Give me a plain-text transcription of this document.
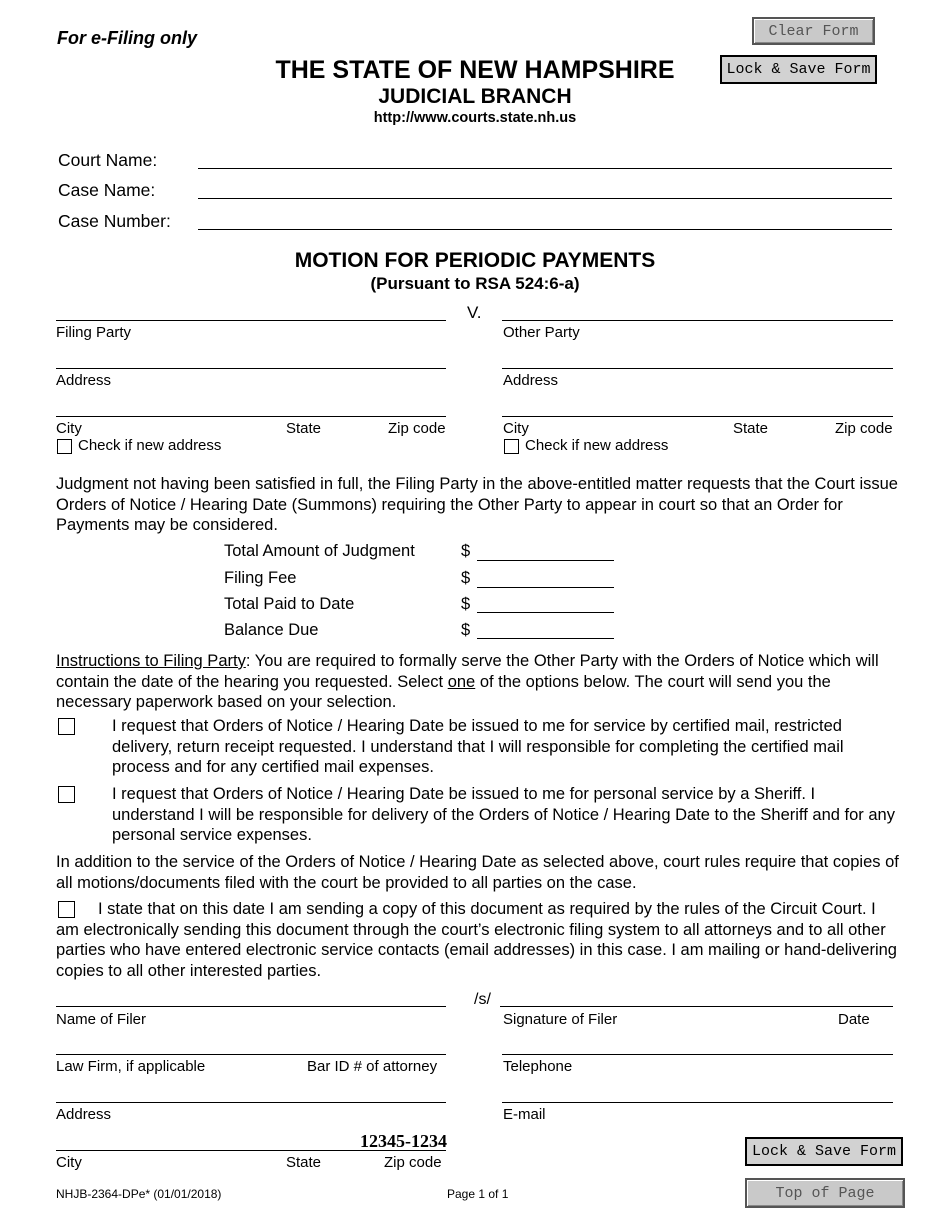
For e-Filing only
THE STATE OF NEW HAMPSHIRE
JUDICIAL BRANCH
http://www.courts.state.nh.us
Clear Form
Lock & Save Form
Court Name:
Case Name:
Case Number:
MOTION FOR PERIODIC PAYMENTS
(Pursuant to RSA 524:6-a)
V.
Filing Party	Other Party
Address	Address
City	State	Zip code	City	State	Zip code
Check if new address	Check if new address
Judgment not having been satisfied in full, the Filing Party in the above-entitled matter requests that the Court issue Orders of Notice / Hearing Date (Summons) requiring the Other Party to appear in court so that an Order for Payments may be considered.
Total Amount of Judgment	$
Filing Fee	$
Total Paid to Date	$
Balance Due	$
Instructions to Filing Party: You are required to formally serve the Other Party with the Orders of Notice which will contain the date of the hearing you requested. Select one of the options below. The court will send you the necessary paperwork based on your selection.
I request that Orders of Notice / Hearing Date be issued to me for service by certified mail, restricted delivery, return receipt requested. I understand that I will responsible for completing the certified mail process and for any certified mail expenses.
I request that Orders of Notice / Hearing Date be issued to me for personal service by a Sheriff. I understand I will be responsible for delivery of the Orders of Notice / Hearing Date to the Sheriff and for any personal service expenses.
In addition to the service of the Orders of Notice / Hearing Date as selected above, court rules require that copies of all motions/documents filed with the court be provided to all parties on the case.
I state that on this date I am sending a copy of this document as required by the rules of the Circuit Court. I am electronically sending this document through the court’s electronic filing system to all attorneys and to all other parties who have entered electronic service contacts (email addresses) in this case. I am mailing or hand-delivering copies to all other interested parties.
/s/
Name of Filer	Signature of Filer	Date
Law Firm, if applicable	Bar ID # of attorney	Telephone
Address	E-mail
12345-1234
City	State	Zip code
Lock & Save Form
Top of Page
NHJB-2364-DPe* (01/01/2018)	Page 1 of 1
